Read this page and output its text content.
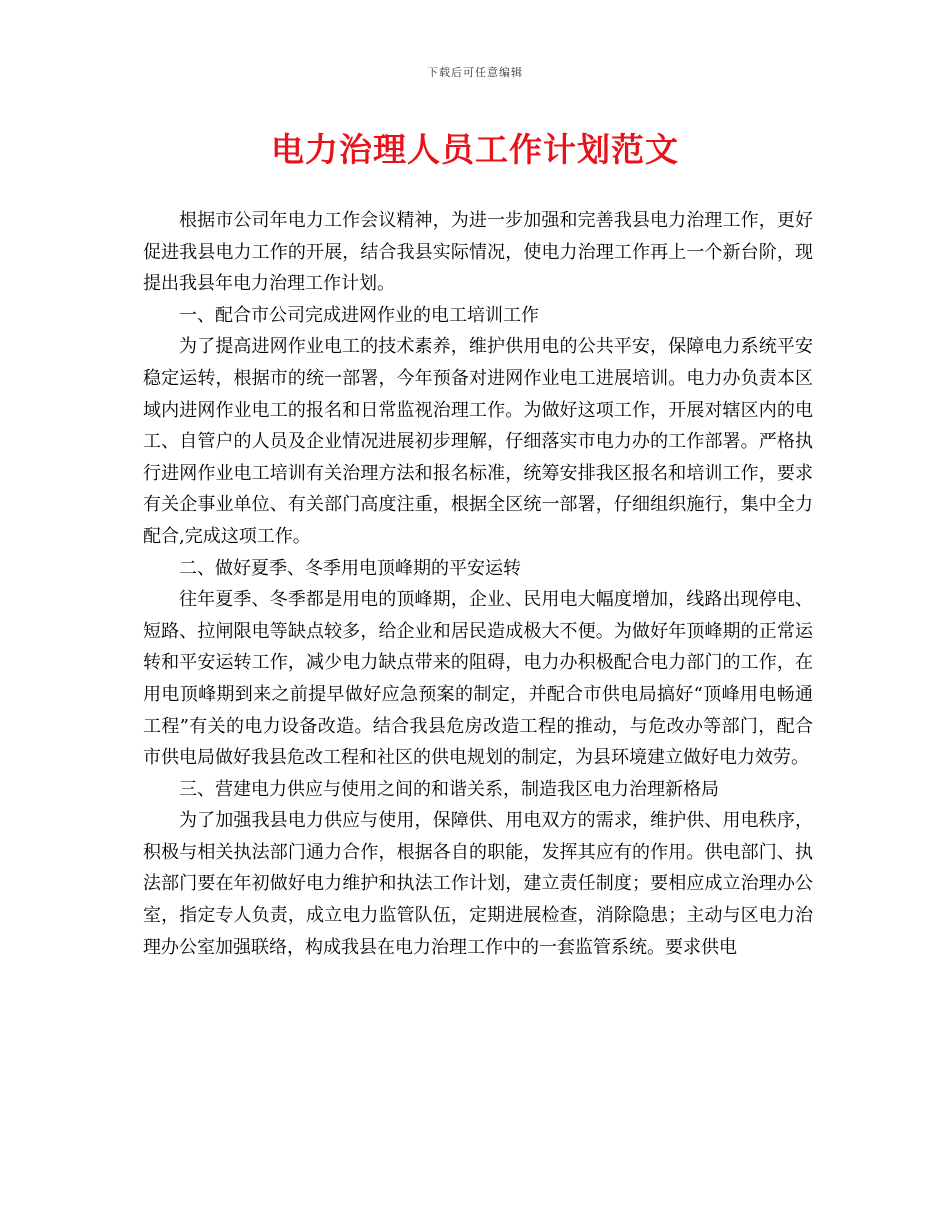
下载后可任意编辑
电力治理人员工作计划范文

根据市公司年电力工作会议精神，为进一步加强和完善我县电力治理工作，更好促进我县电力工作的开展，结合我县实际情况，使电力治理工作再上一个新台阶，现提出我县年电力治理工作计划。

一、配合市公司完成进网作业的电工培训工作

为了提高进网作业电工的技术素养，维护供用电的公共平安，保障电力系统平安稳定运转，根据市的统一部署，今年预备对进网作业电工进展培训。电力办负责本区域内进网作业电工的报名和日常监视治理工作。为做好这项工作，开展对辖区内的电工、自管户的人员及企业情况进展初步理解，仔细落实市电力办的工作部署。严格执行进网作业电工培训有关治理方法和报名标准，统筹安排我区报名和培训工作，要求有关企事业单位、有关部门高度注重，根据全区统一部署，仔细组织施行，集中全力配合,完成这项工作。

二、做好夏季、冬季用电顶峰期的平安运转

往年夏季、冬季都是用电的顶峰期，企业、民用电大幅度增加，线路出现停电、短路、拉闸限电等缺点较多，给企业和居民造成极大不便。为做好年顶峰期的正常运转和平安运转工作，减少电力缺点带来的阻碍，电力办积极配合电力部门的工作，在用电顶峰期到来之前提早做好应急预案的制定，并配合市供电局搞好“顶峰用电畅通工程”有关的电力设备改造。结合我县危房改造工程的推动，与危改办等部门，配合市供电局做好我县危改工程和社区的供电规划的制定，为县环境建立做好电力效劳。

三、营建电力供应与使用之间的和谐关系，制造我区电力治理新格局

为了加强我县电力供应与使用，保障供、用电双方的需求，维护供、用电秩序，积极与相关执法部门通力合作，根据各自的职能，发挥其应有的作用。供电部门、执法部门要在年初做好电力维护和执法工作计划，建立责任制度；要相应成立治理办公室，指定专人负责，成立电力监管队伍，定期进展检查，消除隐患；主动与区电力治理办公室加强联络，构成我县在电力治理工作中的一套监管系统。要求供电
